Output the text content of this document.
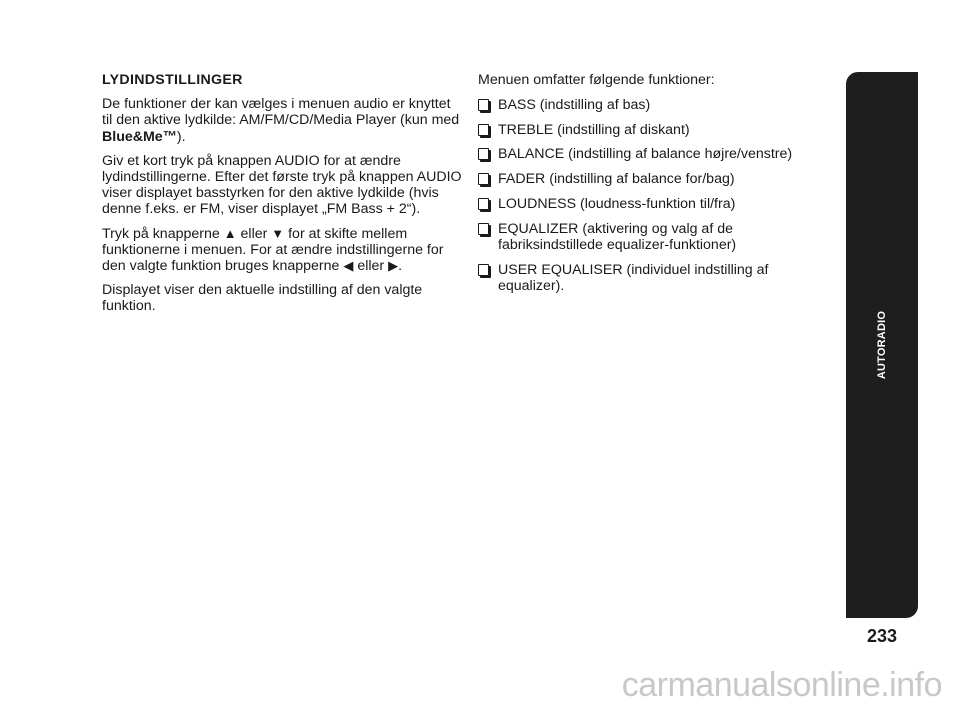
LYDINDSTILLINGER

De funktioner der kan vælges i menuen audio er knyttet til den aktive lydkilde: AM/FM/CD/Media Player (kun med Blue&Me™).

Giv et kort tryk på knappen AUDIO for at ændre lydindstillingerne. Efter det første tryk på knappen AUDIO viser displayet basstyrken for den aktive lydkilde (hvis denne f.eks. er FM, viser displayet „FM Bass + 2“).

Tryk på knapperne ▲ eller ▼ for at skifte mellem funktionerne i menuen. For at ændre indstillingerne for den valgte funktion bruges knapperne ◀ eller ▶.

Displayet viser den aktuelle indstilling af den valgte funktion.

Menuen omfatter følgende funktioner:

BASS (indstilling af bas)
TREBLE (indstilling af diskant)
BALANCE (indstilling af balance højre/venstre)
FADER (indstilling af balance for/bag)
LOUDNESS (loudness-funktion til/fra)
EQUALIZER (aktivering og valg af de fabriksindstillede equalizer-funktioner)
USER EQUALISER (individuel indstilling af equalizer).
AUTORADIO
233
carmanualsonline.info
